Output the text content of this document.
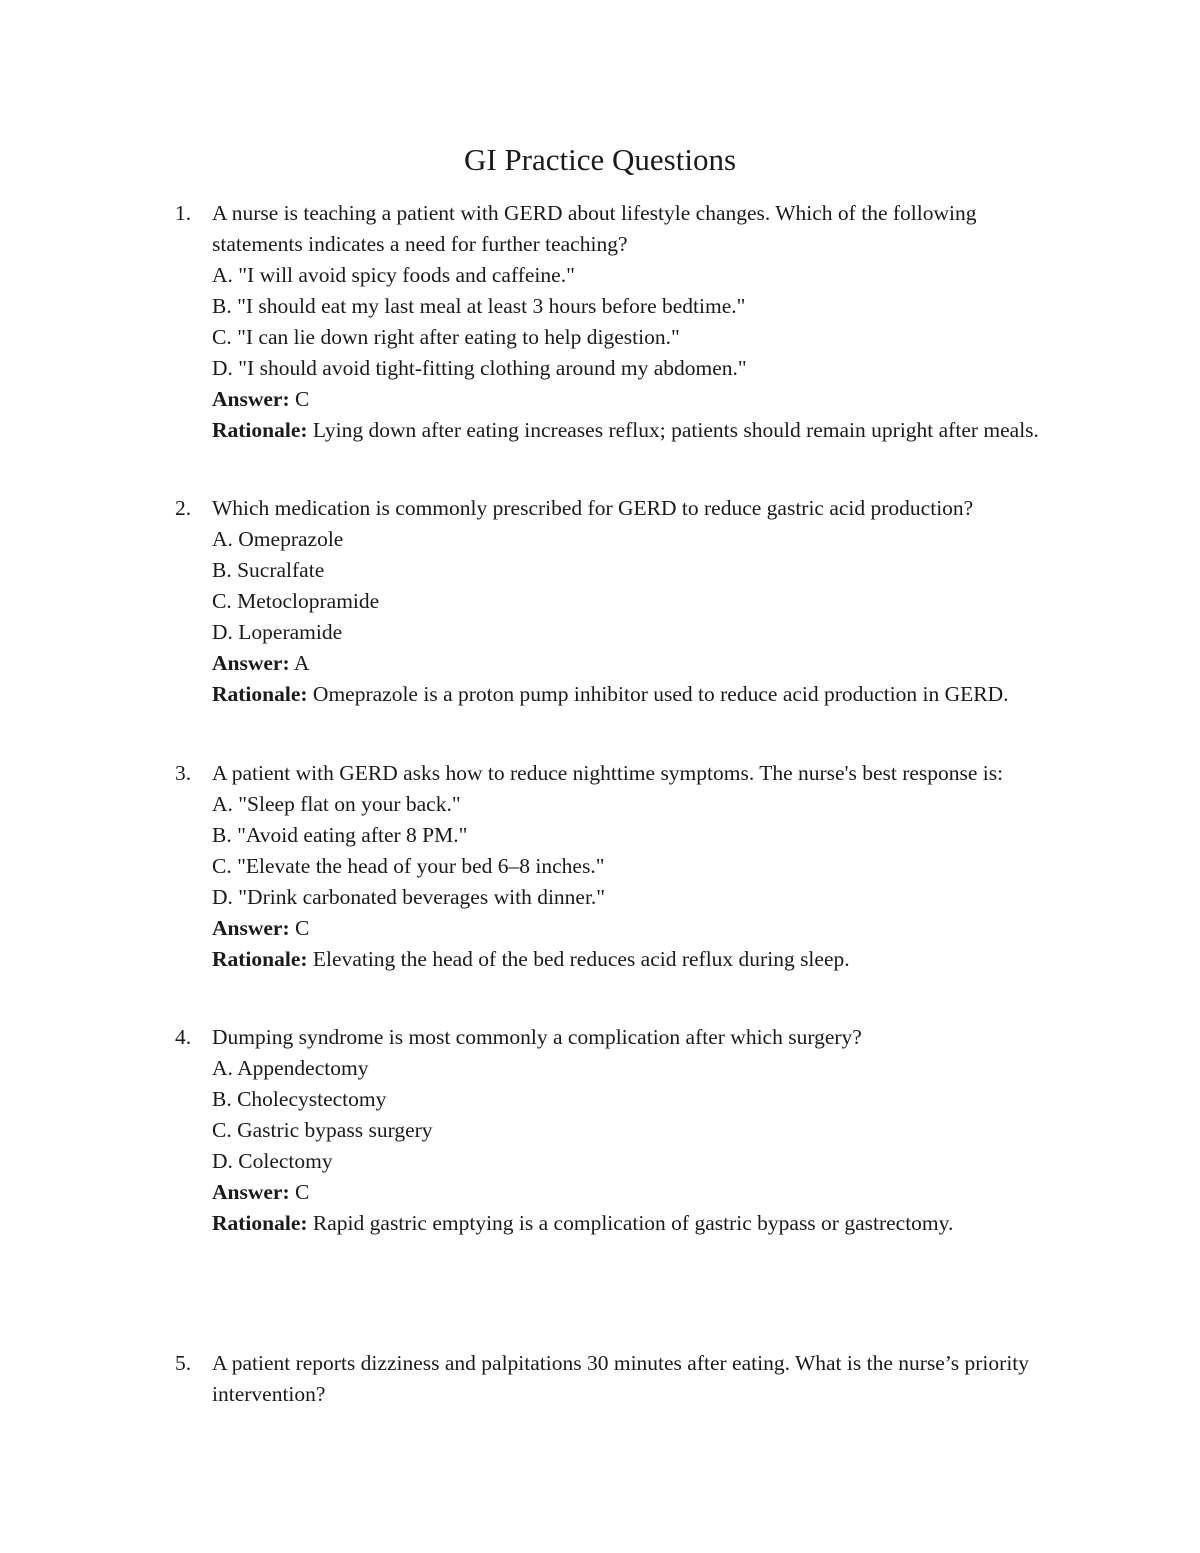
GI Practice Questions
1. A nurse is teaching a patient with GERD about lifestyle changes. Which of the following statements indicates a need for further teaching?
A. "I will avoid spicy foods and caffeine."
B. "I should eat my last meal at least 3 hours before bedtime."
C. "I can lie down right after eating to help digestion."
D. "I should avoid tight-fitting clothing around my abdomen."
Answer: C
Rationale: Lying down after eating increases reflux; patients should remain upright after meals.
2. Which medication is commonly prescribed for GERD to reduce gastric acid production?
A. Omeprazole
B. Sucralfate
C. Metoclopramide
D. Loperamide
Answer: A
Rationale: Omeprazole is a proton pump inhibitor used to reduce acid production in GERD.
3. A patient with GERD asks how to reduce nighttime symptoms. The nurse's best response is:
A. "Sleep flat on your back."
B. "Avoid eating after 8 PM."
C. "Elevate the head of your bed 6–8 inches."
D. "Drink carbonated beverages with dinner."
Answer: C
Rationale: Elevating the head of the bed reduces acid reflux during sleep.
4. Dumping syndrome is most commonly a complication after which surgery?
A. Appendectomy
B. Cholecystectomy
C. Gastric bypass surgery
D. Colectomy
Answer: C
Rationale: Rapid gastric emptying is a complication of gastric bypass or gastrectomy.
5. A patient reports dizziness and palpitations 30 minutes after eating. What is the nurse’s priority intervention?
